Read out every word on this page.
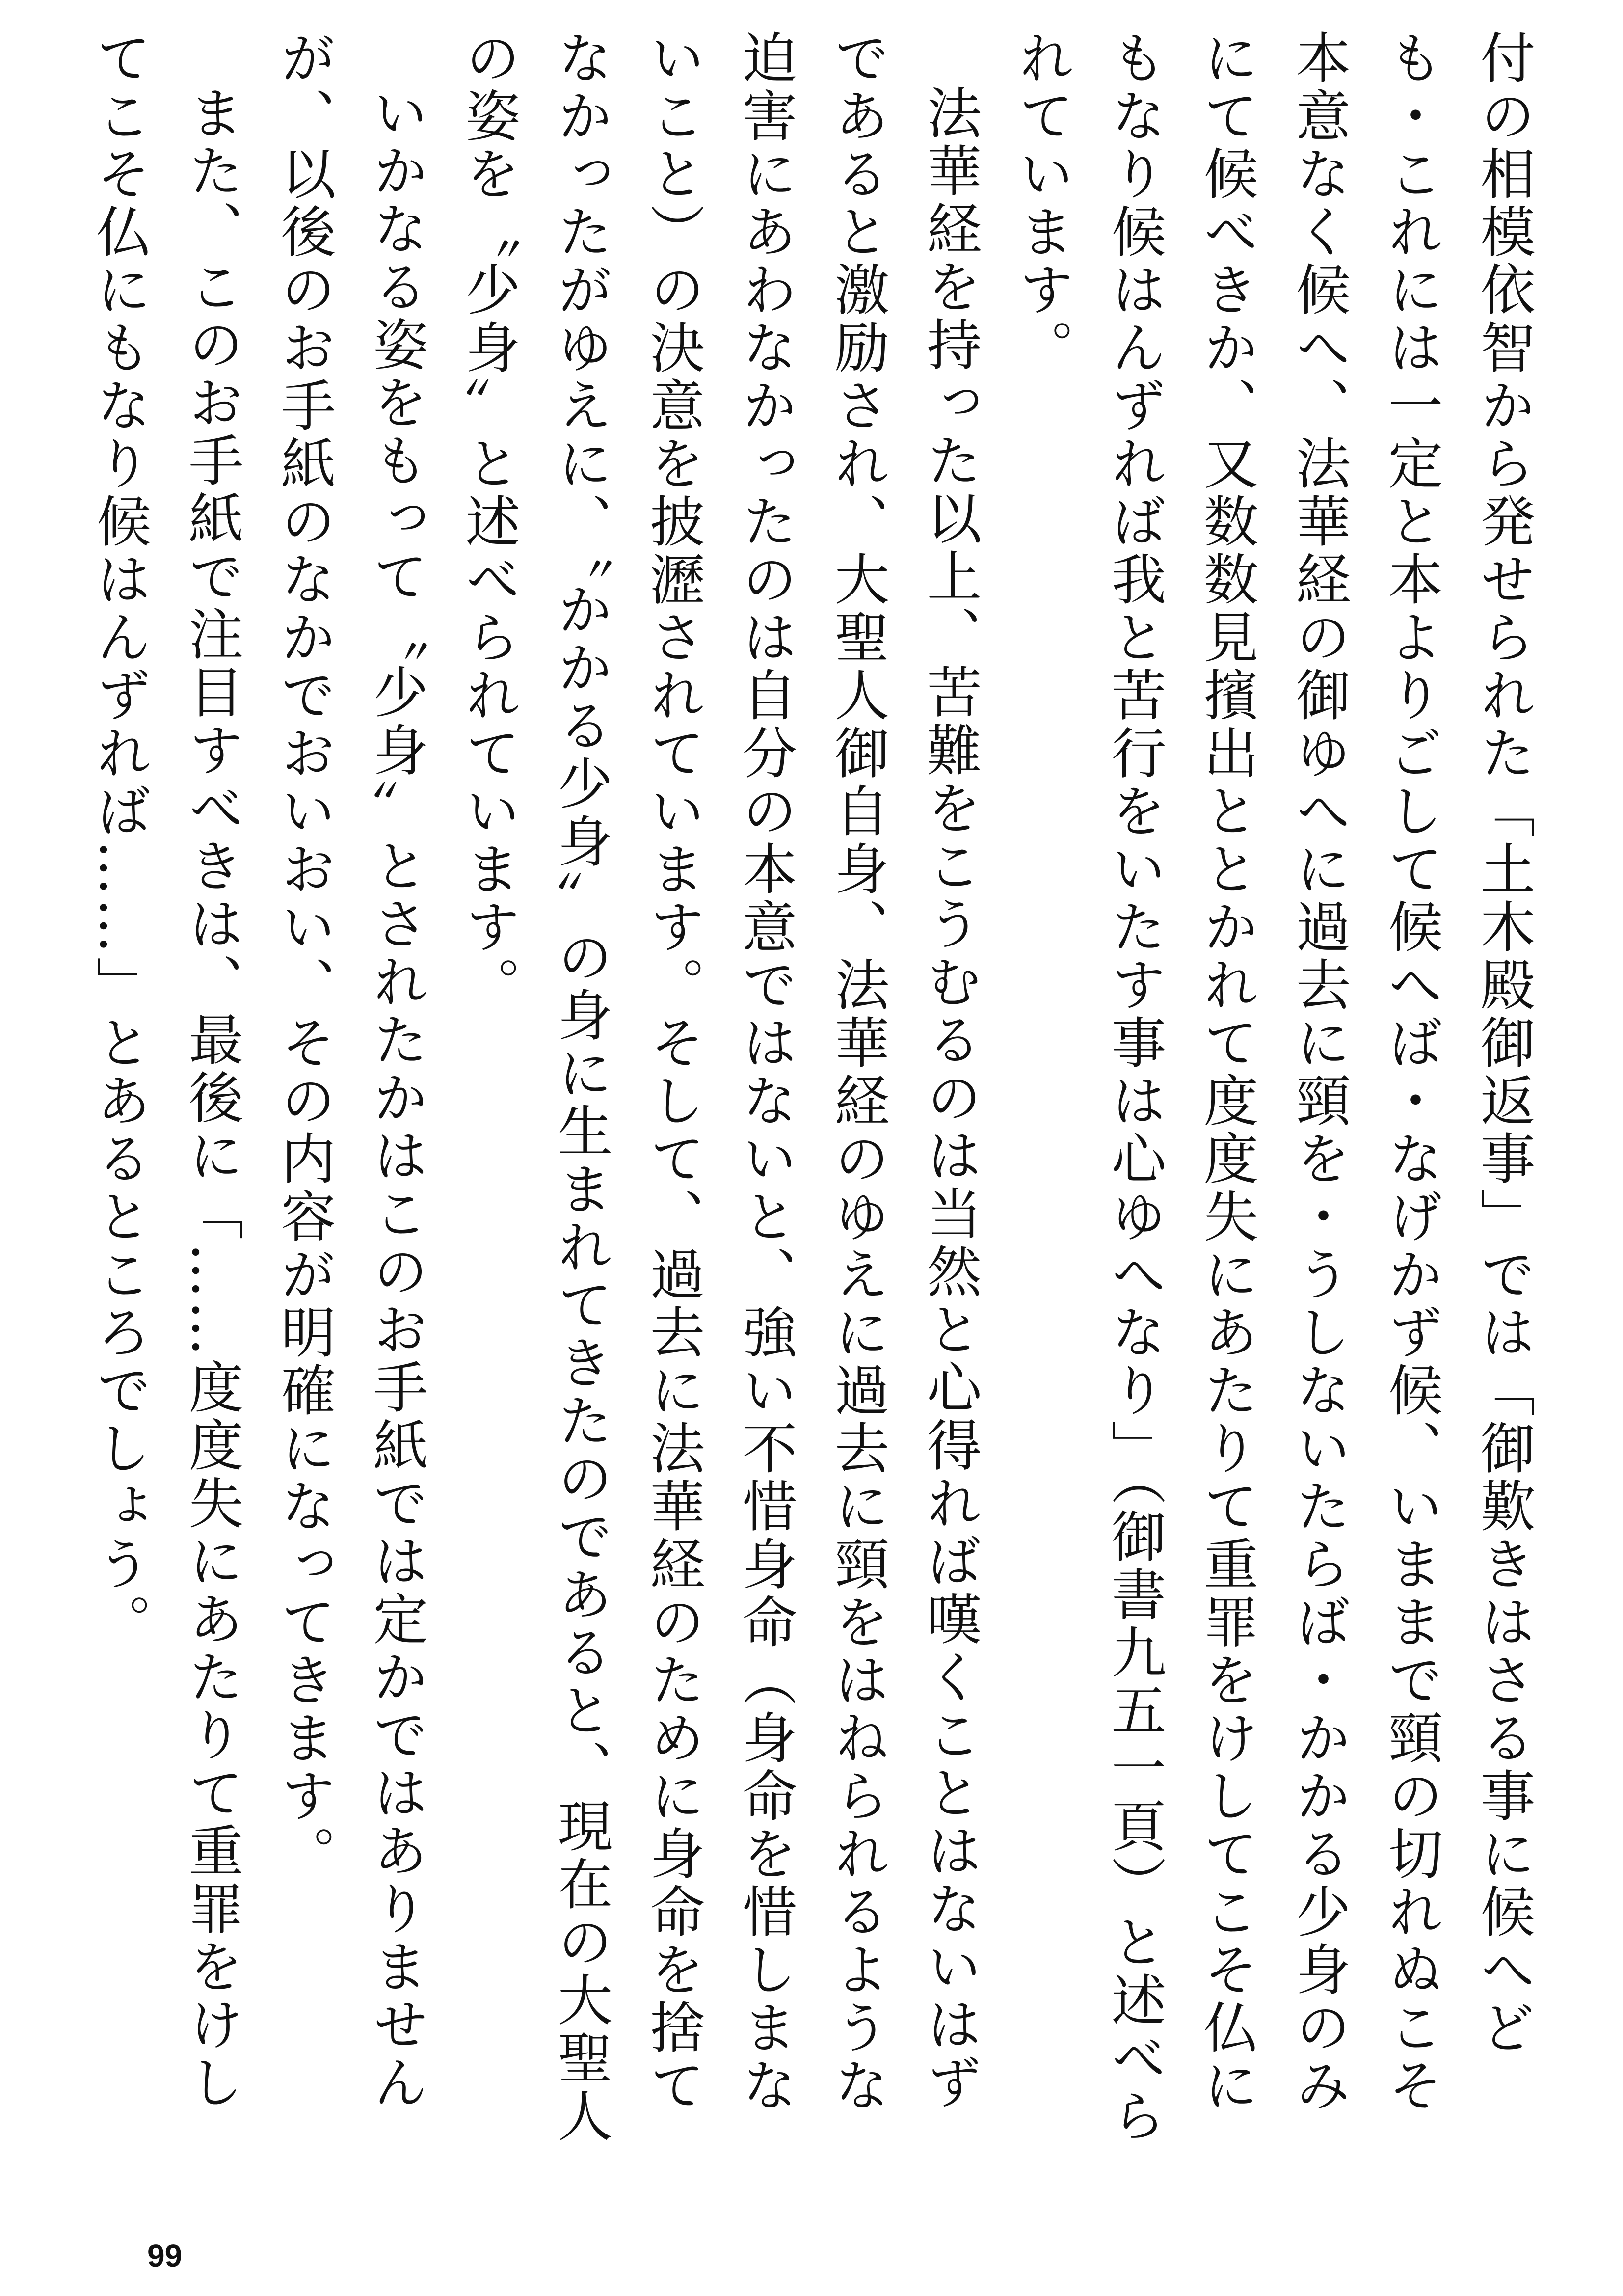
付の相模依智から発せられた「土木殿御返事」では「御歎きはさる事に候へども・これには一定と本よりごして候へば・なげかず候、いままで頸の切れぬこそ本意なく候へ、法華経の御ゆへに過去に頸を・うしないたらば・かかる少身のみにて候べきか、又数数見擯出ととかれて度度失にあたりて重罪をけしてこそ仏にもなり候はんずれば我と苦行をいたす事は心ゆへなり」（御書九五一頁）と述べられています。

法華経を持った以上、苦難をこうむるのは当然と心得れば嘆くことはないはずであると激励され、大聖人御自身、法華経のゆえに過去に頸をはねられるような迫害にあわなかったのは自分の本意ではないと、強い不惜身命（身命を惜しまないこと）の決意を披瀝されています。そして、過去に法華経のために身命を捨てなかったがゆえに、〝かかる少身〟の身に生まれてきたのであると、現在の大聖人の姿を〝少身〟と述べられています。

いかなる姿をもって〝少身〟とされたかはこのお手紙では定かではありませんが、以後のお手紙のなかでおいおい、その内容が明確になってきます。

また、このお手紙で注目すべきは、最後に「……度度失にあたりて重罪をけしてこそ仏にもなり候はんずれば……」とあるところでしょう。

99
